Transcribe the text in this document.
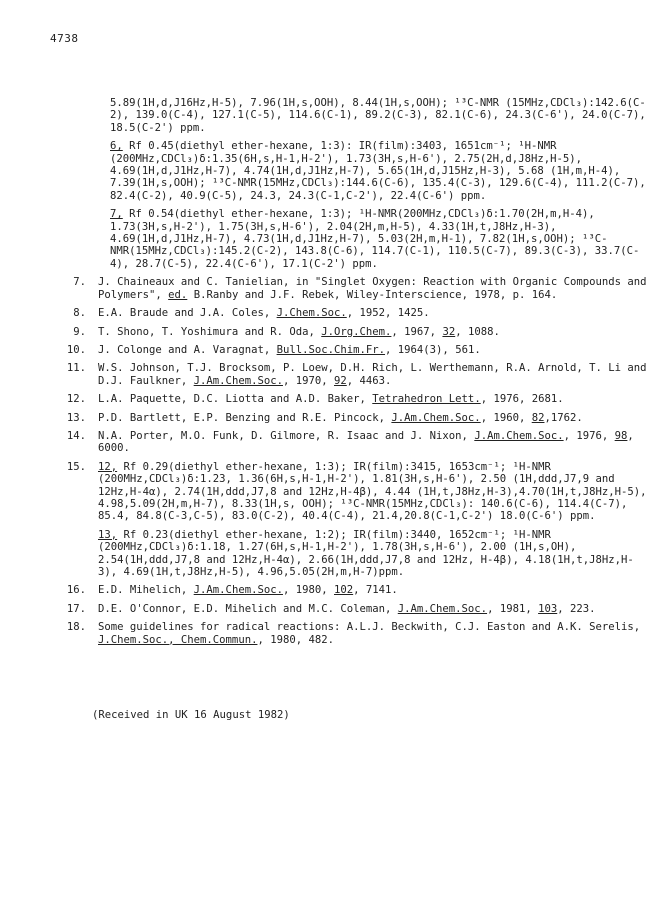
4738

5.89(1H,d,J16Hz,H-5), 7.96(1H,s,OOH), 8.44(1H,s,OOH); ¹³C-NMR (15MHz,CDCl₃):142.6(C-2), 139.0(C-4), 127.1(C-5), 114.6(C-1), 89.2(C-3), 82.1(C-6), 24.3(C-6'), 24.0(C-7), 18.5(C-2') ppm.

6, Rf 0.45(diethyl ether-hexane, 1:3): IR(film):3403, 1651cm⁻¹; ¹H-NMR (200MHz,CDCl₃)δ:1.35(6H,s,H-1,H-2'), 1.73(3H,s,H-6'), 2.75(2H,d,J8Hz,H-5), 4.69(1H,d,J1Hz,H-7), 4.74(1H,d,J1Hz,H-7), 5.65(1H,d,J15Hz,H-3), 5.68 (1H,m,H-4), 7.39(1H,s,OOH); ¹³C-NMR(15MHz,CDCl₃):144.6(C-6), 135.4(C-3), 129.6(C-4), 111.2(C-7), 82.4(C-2), 40.9(C-5), 24.3, 24.3(C-1,C-2'), 22.4(C-6') ppm.
7, Rf 0.54(diethyl ether-hexane, 1:3); ¹H-NMR(200MHz,CDCl₃)δ:1.70(2H,m,H-4), 1.73(3H,s,H-2'), 1.75(3H,s,H-6'), 2.04(2H,m,H-5), 4.33(1H,t,J8Hz,H-3), 4.69(1H,d,J1Hz,H-7), 4.73(1H,d,J1Hz,H-7), 5.03(2H,m,H-1), 7.82(1H,s,OOH); ¹³C-NMR(15MHz,CDCl₃):145.2(C-2), 143.8(C-6), 114.7(C-1), 110.5(C-7), 89.3(C-3), 33.7(C-4), 28.7(C-5), 22.4(C-6'), 17.1(C-2') ppm.
7.	J. Chaineaux and C. Tanielian, in "Singlet Oxygen: Reaction with Organic Compounds and Polymers", ed. B.Ranby and J.F. Rebek, Wiley-Interscience, 1978, p. 164.
8.	E.A. Braude and J.A. Coles, J.Chem.Soc., 1952, 1425.
9.	T. Shono, T. Yoshimura and R. Oda, J.Org.Chem., 1967, 32, 1088.
10.	J. Colonge and A. Varagnat, Bull.Soc.Chim.Fr., 1964(3), 561.
11.	W.S. Johnson, T.J. Brocksom, P. Loew, D.H. Rich, L. Werthemann, R.A. Arnold, T. Li and D.J. Faulkner, J.Am.Chem.Soc., 1970, 92, 4463.
12.	L.A. Paquette, D.C. Liotta and A.D. Baker, Tetrahedron Lett., 1976, 2681.
13.	P.D. Bartlett, E.P. Benzing and R.E. Pincock, J.Am.Chem.Soc., 1960, 82,1762.
14.	N.A. Porter, M.O. Funk, D. Gilmore, R. Isaac and J. Nixon, J.Am.Chem.Soc., 1976, 98, 6000.
15.	12, Rf 0.29(diethyl ether-hexane, 1:3); IR(film):3415, 1653cm⁻¹; ¹H-NMR (200MHz,CDCl₃)δ:1.23, 1.36(6H,s,H-1,H-2'), 1.81(3H,s,H-6'), 2.50 (1H,ddd,J7,9 and 12Hz,H-4α), 2.74(1H,ddd,J7,8 and 12Hz,H-4β), 4.44 (1H,t,J8Hz,H-3),4.70(1H,t,J8Hz,H-5), 4.98,5.09(2H,m,H-7), 8.33(1H,s, OOH); ¹³C-NMR(15MHz,CDCl₃): 140.6(C-6), 114.4(C-7), 85.4, 84.8(C-3,C-5), 83.0(C-2), 40.4(C-4), 21.4,20.8(C-1,C-2') 18.0(C-6') ppm.
13, Rf 0.23(diethyl ether-hexane, 1:2); IR(film):3440, 1652cm⁻¹; ¹H-NMR (200MHz,CDCl₃)δ:1.18, 1.27(6H,s,H-1,H-2'), 1.78(3H,s,H-6'), 2.00 (1H,s,OH), 2.54(1H,ddd,J7,8 and 12Hz,H-4α), 2.66(1H,ddd,J7,8 and 12Hz, H-4β), 4.18(1H,t,J8Hz,H-3), 4.69(1H,t,J8Hz,H-5), 4.96,5.05(2H,m,H-7)ppm.
16.	E.D. Mihelich, J.Am.Chem.Soc., 1980, 102, 7141.
17.	D.E. O'Connor, E.D. Mihelich and M.C. Coleman, J.Am.Chem.Soc., 1981, 103, 223.
18.	Some guidelines for radical reactions: A.L.J. Beckwith, C.J. Easton and A.K. Serelis, J.Chem.Soc., Chem.Commun., 1980, 482.
(Received in UK 16 August 1982)
